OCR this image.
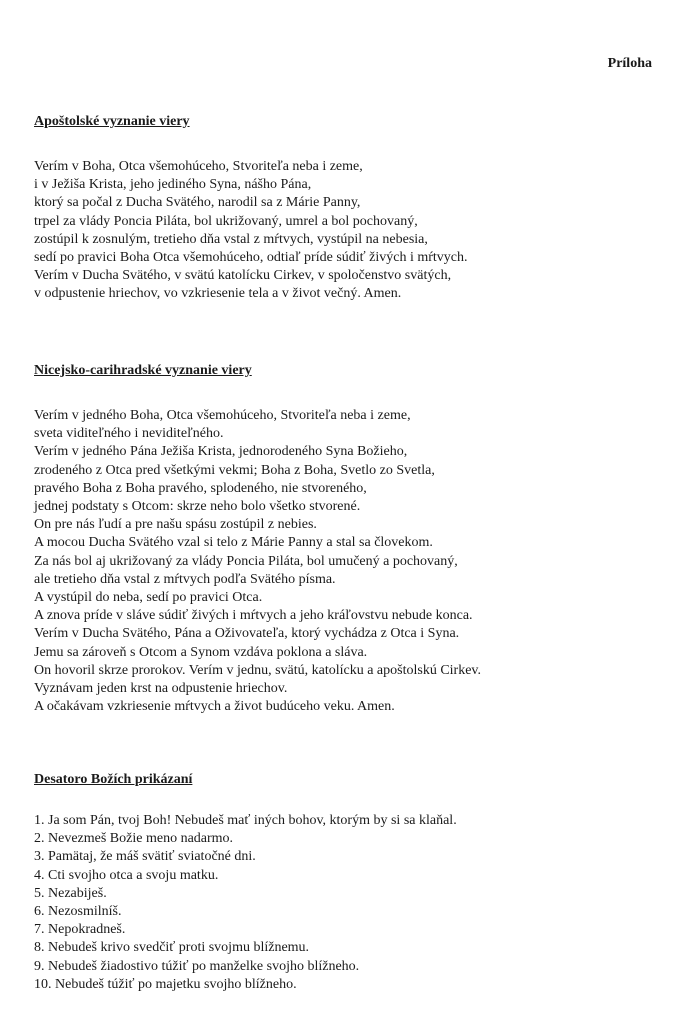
Príloha
Apoštolské vyznanie viery
Verím v Boha, Otca všemohúceho, Stvoriteľa neba i zeme,
i v Ježiša Krista, jeho jediného Syna, nášho Pána,
ktorý sa počal z Ducha Svätého, narodil sa z Márie Panny,
trpel za vlády Poncia Piláta, bol ukrižovaný, umrel a bol pochovaný,
zostúpil k zosnulým, tretieho dňa vstal z mŕtvych, vystúpil na nebesia,
sedí po pravici Boha Otca všemohúceho, odtiaľ príde súdiť živých i mŕtvych.
Verím v Ducha Svätého, v svätú katolícku Cirkev, v spoločenstvo svätých,
v odpustenie hriechov, vo vzkriesenie tela a v život večný. Amen.
Nicejsko-carihradské vyznanie viery
Verím v jedného Boha, Otca všemohúceho, Stvoriteľa neba i zeme,
sveta viditeľného i neviditeľného.
Verím v jedného Pána Ježiša Krista, jednorodeného Syna Božieho,
zrodeného z Otca pred všetkými vekmi; Boha z Boha, Svetlo zo Svetla,
pravého Boha z Boha pravého, splodeného, nie stvoreného,
jednej podstaty s Otcom: skrze neho bolo všetko stvorené.
On pre nás ľudí a pre našu spásu zostúpil z nebies.
A mocou Ducha Svätého vzal si telo z Márie Panny a stal sa človekom.
Za nás bol aj ukrižovaný za vlády Poncia Piláta, bol umučený a pochovaný,
ale tretieho dňa vstal z mŕtvych podľa Svätého písma.
A vystúpil do neba, sedí po pravici Otca.
A znova príde v sláve súdiť živých i mŕtvych a jeho kráľovstvu nebude konca.
Verím v Ducha Svätého, Pána a Oživovateľa, ktorý vychádza z Otca i Syna.
Jemu sa zároveň s Otcom a Synom vzdáva poklona a sláva.
On hovoril skrze prorokov. Verím v jednu, svätú, katolícku a apoštolskú Cirkev.
Vyznávam jeden krst na odpustenie hriechov.
A očakávam vzkriesenie mŕtvych a život budúceho veku. Amen.
Desatoro Božích prikázaní
1. Ja som Pán, tvoj Boh! Nebudeš mať iných bohov, ktorým by si sa klaňal.
2. Nevezmeš Božie meno nadarmo.
3. Pamätaj, že máš svätiť sviatočné dni.
4. Cti svojho otca a svoju matku.
5. Nezabiješ.
6. Nezosmilníš.
7. Nepokradneš.
8. Nebudeš krivo svedčiť proti svojmu blížnemu.
9. Nebudeš žiadostivo túžiť po manželke svojho blížneho.
10. Nebudeš túžiť po majetku svojho blížneho.
